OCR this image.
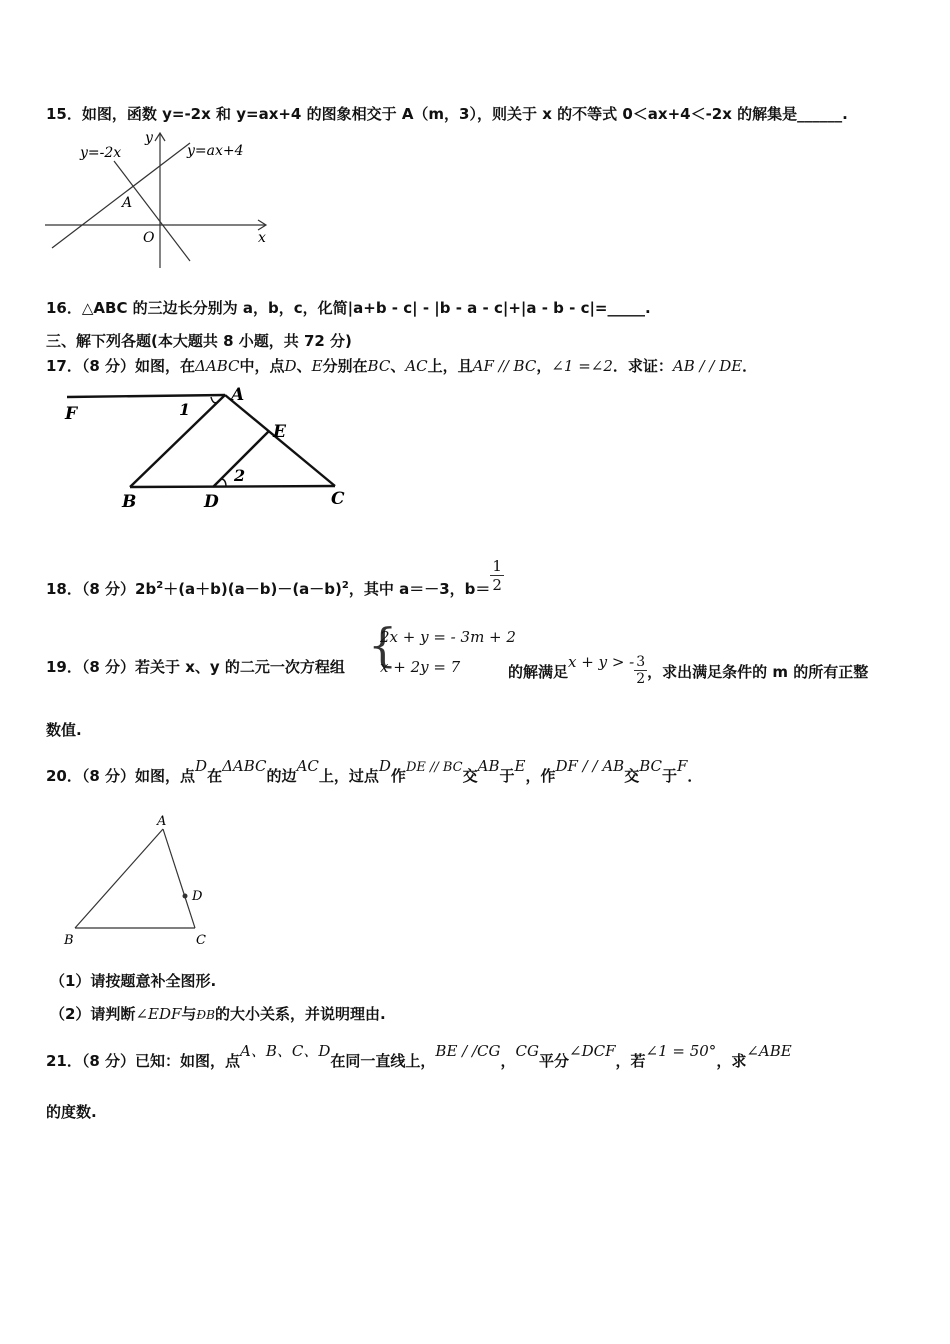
15．如图，函数 y=-2x 和 y=ax+4 的图象相交于 A（m，3），则关于 x 的不等式 0＜ax+4＜-2x 的解集是______.
y=-2x	y=ax+4
y
x
O
A
16．△ABC 的三边长分别为 a，b，c，化简|a+b - c| - |b - a - c|+|a - b - c|=_____.
三、解下列各题(本大题共 8 小题，共 72 分)
17．（8 分）如图，在ΔABC中，点D、E分别在BC、AC上，且AF // BC，∠1 =∠2．求证：AB / / DE．
F
A
E
B	D	C
1
2
18．（8 分）$2b^2+(a+b)(a-b)-(a-b)^2$，其中 a＝－3，$b= \frac{1}{2}$
19．（8 分）若关于 x、y 的二元一次方程组 {
2x + y = - 3m + 2
x + 2y = 7	的解满足x + y > - $\frac{3}{2}$ ，求出满足条件的 m 的所有正整
数值.
20．（8 分）如图，点D在ΔABC的边AC上，过点D作DE // BC交AB于E，作DF / / AB交BC于F．
A
D
B	C
（1）请按题意补全图形.
（2）请判断∠EDF与ÐB的大小关系，并说明理由.
21．（8 分）已知：如图，点A、B、C、D在同一直线上，BE / /CG，CG平分∠DCF，若∠1 = 50°，求∠ABE
的度数.
